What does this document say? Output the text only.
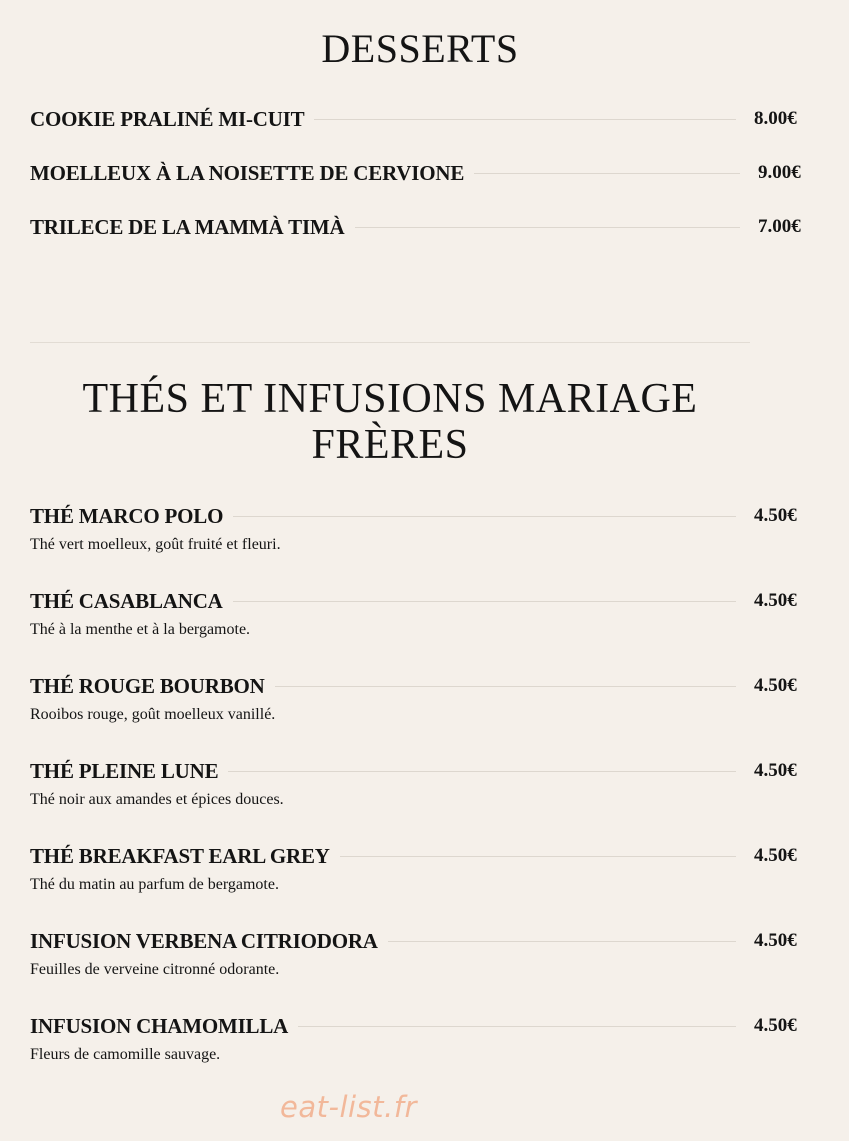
DESSERTS
COOKIE PRALINÉ MI-CUIT	8.00€
MOELLEUX À LA NOISETTE DE CERVIONE	9.00€
TRILECE DE LA MAMMÀ TIMÀ	7.00€
THÉS ET INFUSIONS MARIAGE
FRÈRES
THÉ MARCO POLO	4.50€
Thé vert moelleux, goût fruité et fleuri.
THÉ CASABLANCA	4.50€
Thé à la menthe et à la bergamote.
THÉ ROUGE BOURBON	4.50€
Rooibos rouge, goût moelleux vanillé.
THÉ PLEINE LUNE	4.50€
Thé noir aux amandes et épices douces.
THÉ BREAKFAST EARL GREY	4.50€
Thé du matin au parfum de bergamote.
INFUSION VERBENA CITRIODORA	4.50€
Feuilles de verveine citronné odorante.
INFUSION CHAMOMILLA	4.50€
Fleurs de camomille sauvage.
eat-list.fr
